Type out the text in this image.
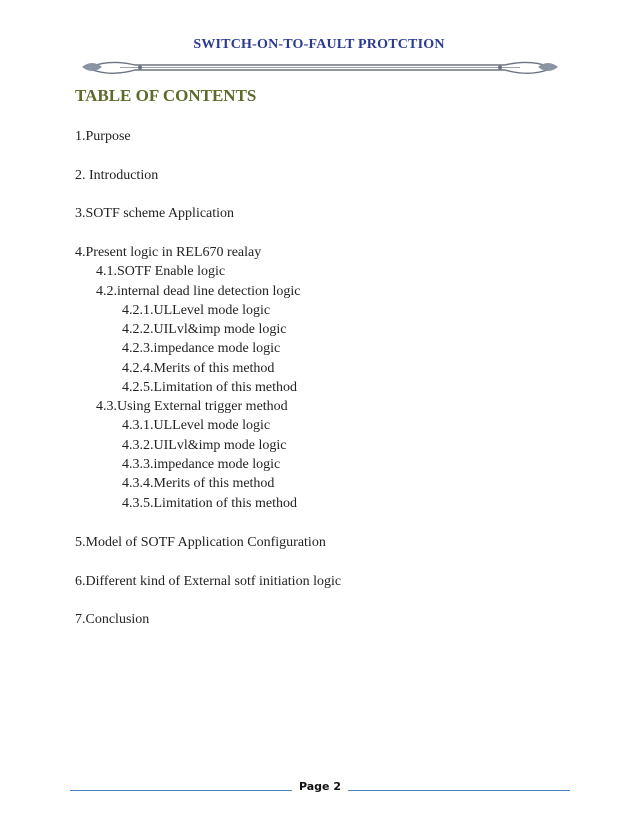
SWITCH-ON-TO-FAULT PROTCTION
TABLE OF CONTENTS
1.Purpose
2. Introduction
3.SOTF scheme Application
4.Present logic in REL670 realay
4.1.SOTF Enable logic
4.2.internal dead line detection logic
4.2.1.ULLevel mode logic
4.2.2.UILvl&imp mode logic
4.2.3.impedance mode logic
4.2.4.Merits of this method
4.2.5.Limitation of this method
4.3.Using External trigger method
4.3.1.ULLevel mode logic
4.3.2.UILvl&imp mode logic
4.3.3.impedance mode logic
4.3.4.Merits of this method
4.3.5.Limitation of this method
5.Model of SOTF Application Configuration
6.Different kind of External sotf initiation logic
7.Conclusion
Page 2
